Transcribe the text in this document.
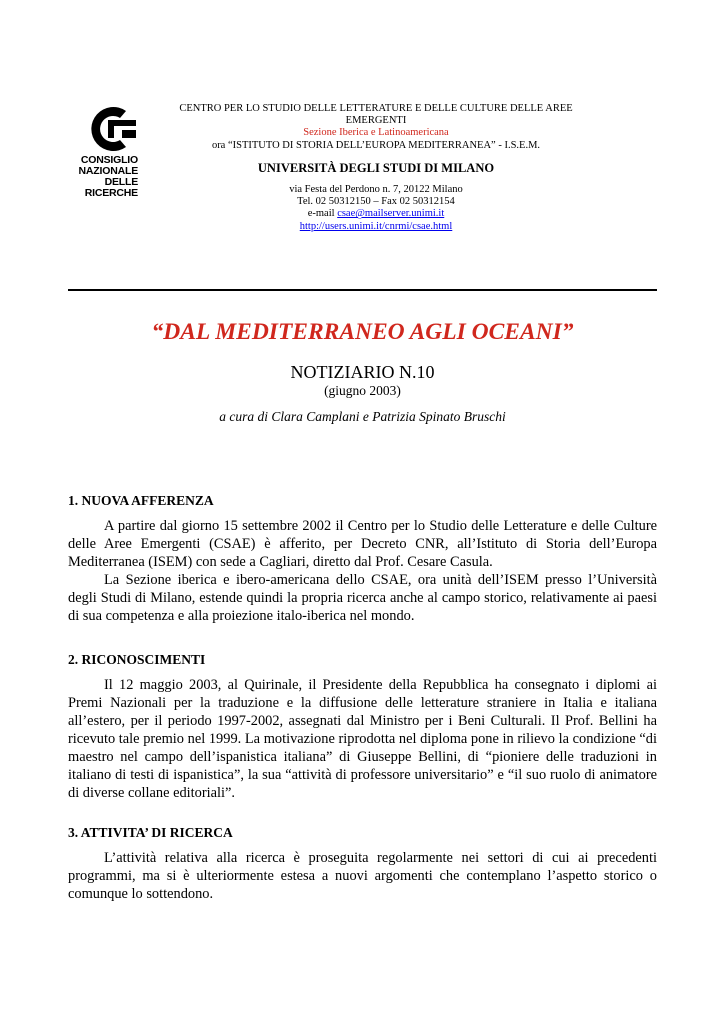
CONSIGLIO
NAZIONALE
DELLE
RICERCHE
CENTRO PER LO STUDIO DELLE LETTERATURE E DELLE CULTURE DELLE AREE
EMERGENTI
Sezione Iberica e Latinoamericana
ora “ISTITUTO DI STORIA DELL’EUROPA MEDITERRANEA” - I.S.E.M.
UNIVERSITÀ DEGLI STUDI DI MILANO
via Festa del Perdono n. 7, 20122 Milano
Tel. 02 50312150 – Fax 02 50312154
e-mail csae@mailserver.unimi.it
http://users.unimi.it/cnrmi/csae.html
“DAL MEDITERRANEO AGLI OCEANI”
NOTIZIARIO N.10
(giugno 2003)
a cura di Clara Camplani e Patrizia Spinato Bruschi
1. NUOVA AFFERENZA

A partire dal giorno 15 settembre 2002 il Centro per lo Studio delle Letterature e delle Culture delle Aree Emergenti (CSAE) è afferito, per Decreto CNR, all’Istituto di Storia dell’Europa Mediterranea (ISEM) con sede a Cagliari, diretto dal Prof. Cesare Casula.

La Sezione iberica e ibero-americana dello CSAE, ora unità dell’ISEM presso l’Università degli Studi di Milano, estende quindi la propria ricerca anche al campo storico, relativamente ai paesi di sua competenza e alla proiezione italo-iberica nel mondo.

2. RICONOSCIMENTI

Il 12 maggio 2003, al Quirinale, il Presidente della Repubblica ha consegnato i diplomi ai Premi Nazionali per la traduzione e la diffusione delle letterature straniere in Italia e italiana all’estero, per il periodo 1997-2002, assegnati dal Ministro per i Beni Culturali. Il Prof. Bellini ha ricevuto tale premio nel 1999. La motivazione riprodotta nel diploma pone in rilievo la condizione “di maestro nel campo dell’ispanistica italiana” di Giuseppe Bellini, di “pioniere delle traduzioni in italiano di testi di ispanistica”, la sua “attività di professore universitario” e “il suo ruolo di animatore di diverse collane editoriali”.

3. ATTIVITA’ DI RICERCA

L’attività relativa alla ricerca è proseguita regolarmente nei settori di cui ai precedenti programmi, ma si è ulteriormente estesa a nuovi argomenti che contemplano l’aspetto storico o comunque lo sottendono.
